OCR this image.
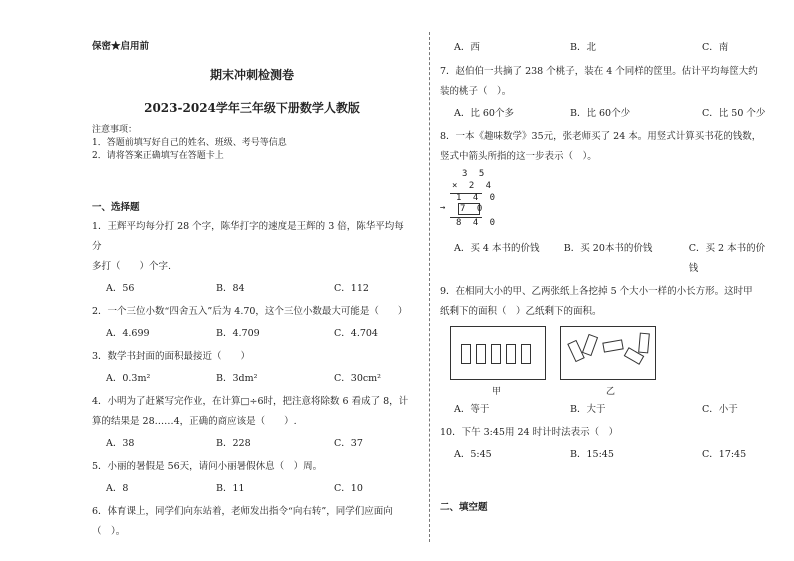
保密★启用前
期末冲刺检测卷
2023-2024学年三年级下册数学人教版
注意事项：
1．答题前填写好自己的姓名、班级、考号等信息
2．请将答案正确填写在答题卡上
一、选择题
1．王辉平均每分打 28 个字，陈华打字的速度是王辉的 3 倍，陈华平均每分
多打（　　）个字.
A．56	B．84	C．112
2．一个三位小数“四舍五入”后为 4.70，这个三位小数最大可能是（　　）
A．4.699	B．4.709	C．4.704
3．数学书封面的面积最接近（　　）
A．0.3m²	B．3dm²	C．30cm²
4．小明为了赶紧写完作业，在计算□÷6时，把注意将除数 6 看成了 8，计
算的结果是 28……4，正确的商应该是（　　）.
A．38	B．228	C．37
5．小丽的暑假是 56天，请问小丽暑假休息（　）周。
A．8	B．11	C．10
6．体育课上，同学们向东站着，老师发出指令“向右转”，同学们应面向
（　）。
A．西	B．北	C．南
7．赵伯伯一共摘了 238 个桃子，装在 4 个同样的筐里。估计平均每筐大约
装的桃子（　）。
A．比 60个多	B．比 60个少	C．比 50 个少
8．一本《趣味数学》35元，张老师买了 24 本。用竖式计算买书花的钱数，
竖式中箭头所指的这一步表示（　）。
3 5
× 2 4
1 4 0
→ 7 0
8 4 0
A．买 4 本书的价钱	B．买 20本书的价钱	C．买 2 本书的价钱
9．在相同大小的甲、乙两张纸上各挖掉 5 个大小一样的小长方形。这时甲
纸剩下的面积（　）乙纸剩下的面积。
甲	乙
A．等于	B．大于	C．小于
10．下午 3:45用 24 时计时法表示（　）
A．5:45	B．15:45	C．17:45
二、填空题
